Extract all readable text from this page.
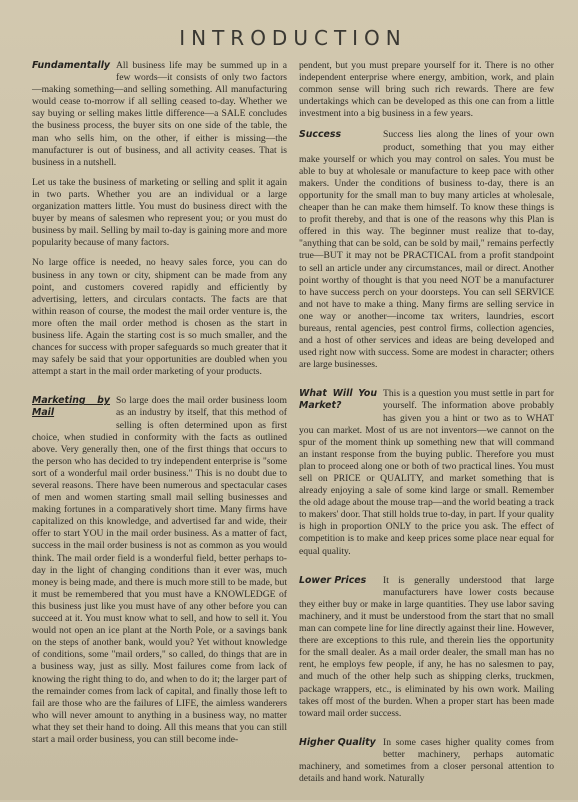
INTRODUCTION
Fundamentally All business life may be summed up in a few words—it consists of only two factors—making something—and selling something. All manufacturing would cease to-morrow if all selling ceased to-day. Whether we say buying or selling makes little difference—a SALE concludes the business process, the buyer sits on one side of the table, the man who sells him, on the other, if either is missing—the manufacturer is out of business, and all activity ceases. That is business in a nutshell.

Let us take the business of marketing or selling and split it again in two parts. Whether you are an individual or a large organization matters little. You must do business direct with the buyer by means of salesmen who represent you; or you must do business by mail. Selling by mail to-day is gaining more and more popularity because of many factors.

No large office is needed, no heavy sales force, you can do business in any town or city, shipment can be made from any point, and customers covered rapidly and efficiently by advertising, letters, and circulars contacts. The facts are that within reason of course, the modest the mail order venture is, the more often the mail order method is chosen as the start in business life. Again the starting cost is so much smaller, and the chances for success with proper safeguards so much greater that it may safely be said that your opportunities are doubled when you attempt a start in the mail order marketing of your products.

Marketing by Mail

So large does the mail order business loom as an industry by itself, that this method of selling is often determined upon as first choice, when studied in conformity with the facts as outlined above. Very generally then, one of the first things that occurs to the person who has decided to try independent enterprise is "some sort of a wonderful mail order business." This is no doubt due to several reasons. There have been numerous and spectacular cases of men and women starting small mail selling businesses and making fortunes in a comparatively short time. Many firms have capitalized on this knowledge, and advertised far and wide, their offer to start YOU in the mail order business. As a matter of fact, success in the mail order business is not as common as you would think. The mail order field is a wonderful field, better perhaps to-day in the light of changing conditions than it ever was, much money is being made, and there is much more still to be made, but it must be remembered that you must have a KNOWLEDGE of this business just like you must have of any other before you can succeed at it. You must know what to sell, and how to sell it. You would not open an ice plant at the North Pole, or a savings bank on the steps of another bank, would you? Yet without knowledge of conditions, some "mail orders," so called, do things that are in a business way, just as silly. Most failures come from lack of knowing the right thing to do, and when to do it; the larger part of the remainder comes from lack of capital, and finally those left to fail are those who are the failures of LIFE, the aimless wanderers who will never amount to anything in a business way, no matter what they set their hand to doing. All this means that you can still start a mail order business, you can still become inde-

pendent, but you must prepare yourself for it. There is no other independent enterprise where energy, ambition, work, and plain common sense will bring such rich rewards. There are few undertakings which can be developed as this one can from a little investment into a big business in a few years.

Success	Success lies along the lines of your own product, something that you may either make yourself or which you may control on sales. You must be able to buy at wholesale or manufacture to keep pace with other makers. Under the conditions of business to-day, there is an opportunity for the small man to buy many articles at wholesale, cheaper than he can make them himself. To know these things is to profit thereby, and that is one of the reasons why this Plan is offered in this way. The beginner must realize that to-day, "anything that can be sold, can be sold by mail," remains perfectly true—BUT it may not be PRACTICAL from a profit standpoint to sell an article under any circumstances, mail or direct. Another point worthy of thought is that you need NOT be a manufacturer to have success perch on your doorsteps. You can sell SERVICE and not have to make a thing. Many firms are selling service in one way or another—income tax writers, laundries, escort bureaus, rental agencies, pest control firms, collection agencies, and a host of other services and ideas are being developed and used right now with success. Some are modest in character; others are large businesses.

What Will You Market?

This is a question you must settle in part for yourself. The information above probably has given you a hint or two as to WHAT you can market. Most of us are not inventors—we cannot on the spur of the moment think up something new that will command an instant response from the buying public. Therefore you must plan to proceed along one or both of two practical lines. You must sell on PRICE or QUALITY, and market something that is already enjoying a sale of some kind large or small. Remember the old adage about the mouse trap—and the world beating a track to makers' door. That still holds true to-day, in part. If your quality is high in proportion ONLY to the price you ask. The effect of competition is to make and keep prices some place near equal for equal quality.

Lower Prices	It is generally understood that large manufacturers have lower costs because they either buy or make in large quantities. They use labor saving machinery, and it must be understood from the start that no small man can compete line for line directly against their line. However, there are exceptions to this rule, and therein lies the opportunity for the small dealer. As a mail order dealer, the small man has no rent, he employs few people, if any, he has no salesmen to pay, and much of the other help such as shipping clerks, truckmen, package wrappers, etc., is eliminated by his own work. Mailing takes off most of the burden. When a proper start has been made toward mail order success.

Higher Quality In some cases higher quality comes from better machinery, perhaps automatic machinery, and sometimes from a closer personal attention to details and hand work. Naturally
